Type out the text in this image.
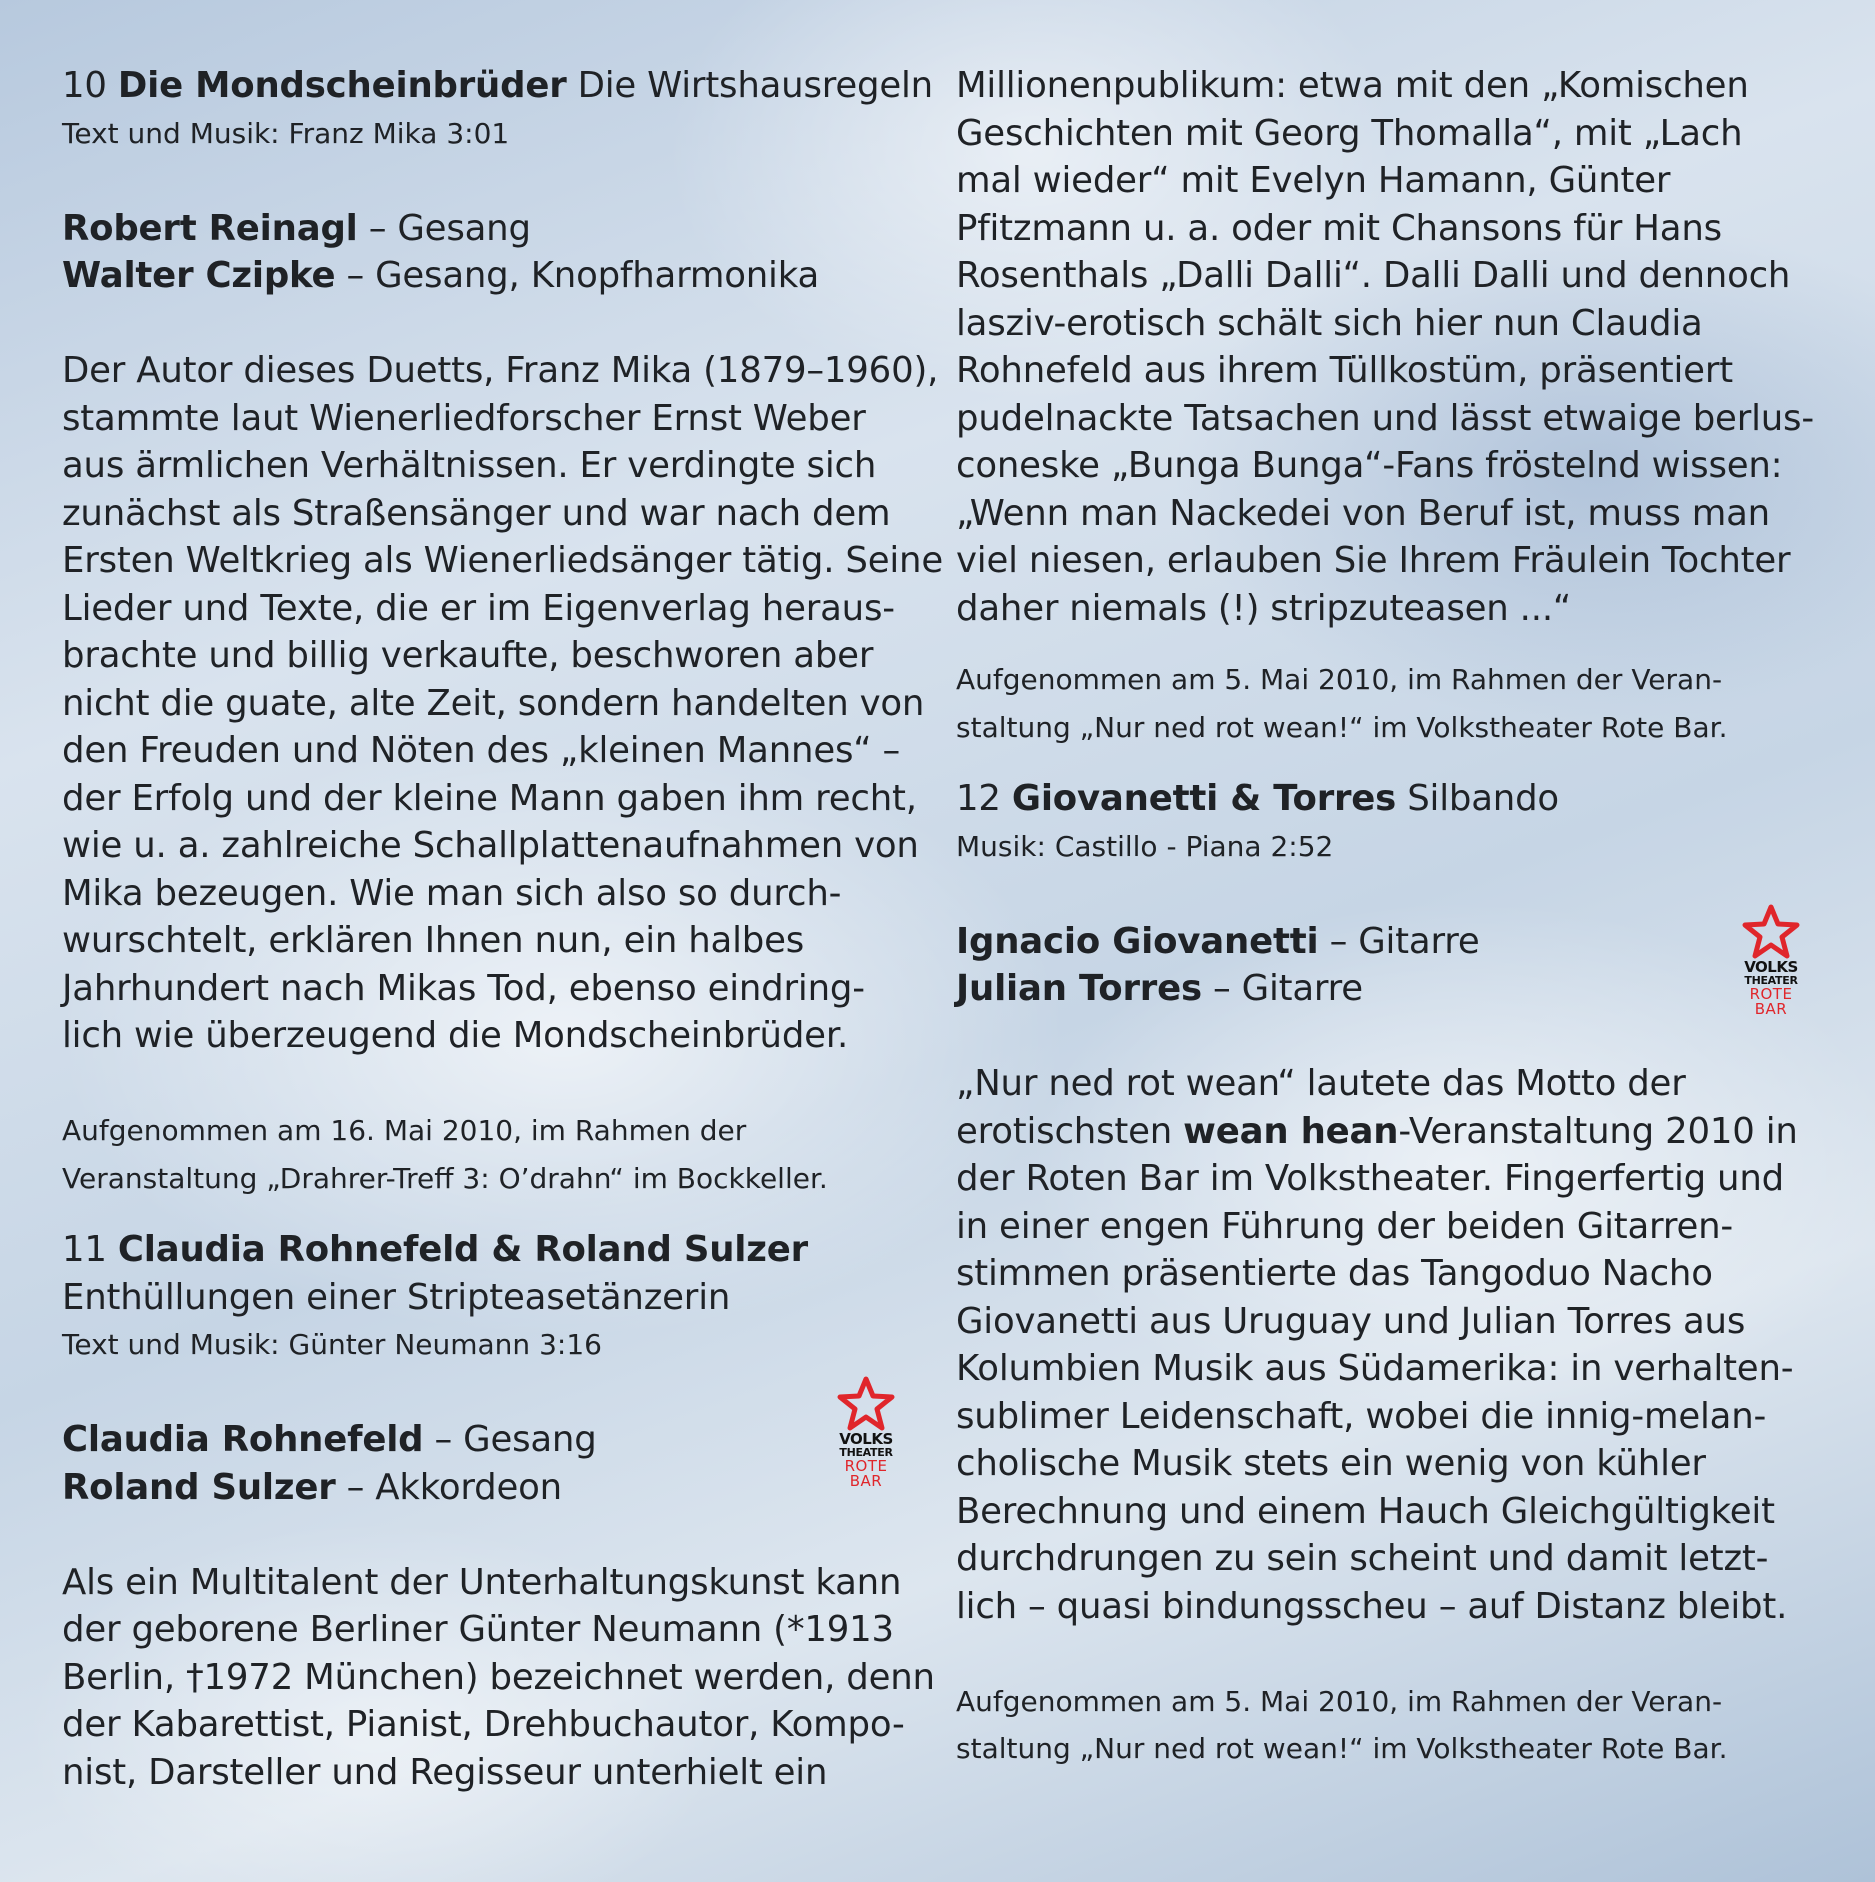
10 Die Mondscheinbrüder Die Wirtshausregeln
Text und Musik: Franz Mika 3:01
Robert Reinagl – Gesang
Walter Czipke – Gesang, Knopfharmonika
Der Autor dieses Duetts, Franz Mika (1879–1960),
stammte laut Wienerliedforscher Ernst Weber
aus ärmlichen Verhältnissen. Er verdingte sich
zunächst als Straßensänger und war nach dem
Ersten Weltkrieg als Wienerliedsänger tätig. Seine
Lieder und Texte, die er im Eigenverlag heraus-
brachte und billig verkaufte, beschworen aber
nicht die guate, alte Zeit, sondern handelten von
den Freuden und Nöten des „kleinen Mannes“ –
der Erfolg und der kleine Mann gaben ihm recht,
wie u. a. zahlreiche Schallplattenaufnahmen von
Mika bezeugen. Wie man sich also so durch-
wurschtelt, erklären Ihnen nun, ein halbes
Jahrhundert nach Mikas Tod, ebenso eindring-
lich wie überzeugend die Mondscheinbrüder.
Aufgenommen am 16. Mai 2010, im Rahmen der
Veranstaltung „Drahrer-Treff 3: O’drahn“ im Bockkeller.
11 Claudia Rohnefeld & Roland Sulzer
Enthüllungen einer Stripteasetänzerin
Text und Musik: Günter Neumann 3:16
Claudia Rohnefeld – Gesang
Roland Sulzer – Akkordeon
Als ein Multitalent der Unterhaltungskunst kann
der geborene Berliner Günter Neumann (*1913
Berlin, †1972 München) bezeichnet werden, denn
der Kabarettist, Pianist, Drehbuchautor, Kompo-
nist, Darsteller und Regisseur unterhielt ein
VOLKS
THEATER
ROTE
BAR
Millionenpublikum: etwa mit den „Komischen
Geschichten mit Georg Thomalla“, mit „Lach
mal wieder“ mit Evelyn Hamann, Günter
Pfitzmann u. a. oder mit Chansons für Hans
Rosenthals „Dalli Dalli“. Dalli Dalli und dennoch
lasziv-erotisch schält sich hier nun Claudia
Rohnefeld aus ihrem Tüllkostüm, präsentiert
pudelnackte Tatsachen und lässt etwaige berlus-
coneske „Bunga Bunga“-Fans fröstelnd wissen:
„Wenn man Nackedei von Beruf ist, muss man
viel niesen, erlauben Sie Ihrem Fräulein Tochter
daher niemals (!) stripzuteasen ...“
Aufgenommen am 5. Mai 2010, im Rahmen der Veran-
staltung „Nur ned rot wean!“ im Volkstheater Rote Bar.
12 Giovanetti & Torres Silbando
Musik: Castillo - Piana 2:52
Ignacio Giovanetti – Gitarre
Julian Torres – Gitarre
„Nur ned rot wean“ lautete das Motto der
erotischsten wean hean-Veranstaltung 2010 in
der Roten Bar im Volkstheater. Fingerfertig und
in einer engen Führung der beiden Gitarren-
stimmen präsentierte das Tangoduo Nacho
Giovanetti aus Uruguay und Julian Torres aus
Kolumbien Musik aus Südamerika: in verhalten-
sublimer Leidenschaft, wobei die innig-melan-
cholische Musik stets ein wenig von kühler
Berechnung und einem Hauch Gleichgültigkeit
durchdrungen zu sein scheint und damit letzt-
lich – quasi bindungsscheu – auf Distanz bleibt.
Aufgenommen am 5. Mai 2010, im Rahmen der Veran-
staltung „Nur ned rot wean!“ im Volkstheater Rote Bar.
VOLKS
THEATER
ROTE
BAR
